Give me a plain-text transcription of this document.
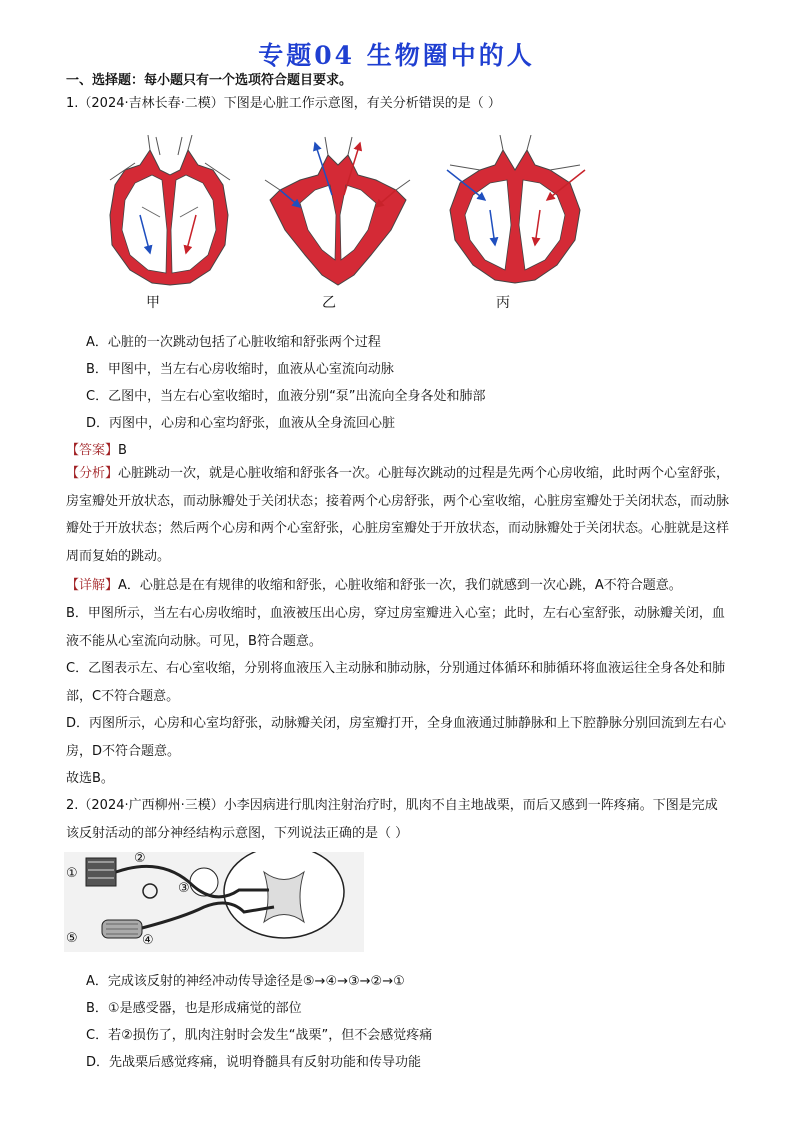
专题04 生物圈中的人
一、选择题：每小题只有一个选项符合题目要求。
1.（2024·吉林长春·二模）下图是心脏工作示意图，有关分析错误的是（ ）
甲	乙	丙
A．心脏的一次跳动包括了心脏收缩和舒张两个过程
B．甲图中，当左右心房收缩时，血液从心室流向动脉
C．乙图中，当左右心室收缩时，血液分别“泵”出流向全身各处和肺部
D．丙图中，心房和心室均舒张，血液从全身流回心脏
【答案】B
【分析】心脏跳动一次，就是心脏收缩和舒张各一次。心脏每次跳动的过程是先两个心房收缩，此时两个心室舒张，房室瓣处开放状态，而动脉瓣处于关闭状态；接着两个心房舒张，两个心室收缩，心脏房室瓣处于关闭状态，而动脉瓣处于开放状态；然后两个心房和两个心室舒张，心脏房室瓣处于开放状态，而动脉瓣处于关闭状态。心脏就是这样周而复始的跳动。
【详解】A．心脏总是在有规律的收缩和舒张，心脏收缩和舒张一次，我们就感到一次心跳，A不符合题意。
B．甲图所示，当左右心房收缩时，血液被压出心房，穿过房室瓣进入心室；此时，左右心室舒张，动脉瓣关闭，血液不能从心室流向动脉。可见，B符合题意。
C．乙图表示左、右心室收缩，分别将血液压入主动脉和肺动脉，分别通过体循环和肺循环将血液运往全身各处和肺部，C不符合题意。
D．丙图所示，心房和心室均舒张，动脉瓣关闭，房室瓣打开，全身血液通过肺静脉和上下腔静脉分别回流到左右心房，D不符合题意。
故选B。
2.（2024·广西柳州·三模）小李因病进行肌肉注射治疗时，肌肉不自主地战栗，而后又感到一阵疼痛。下图是完成该反射活动的部分神经结构示意图，下列说法正确的是（ ）
①
②
③
④
⑤
A．完成该反射的神经冲动传导途径是⑤→④→③→②→①
B．①是感受器，也是形成痛觉的部位
C．若②损伤了，肌肉注射时会发生“战栗”，但不会感觉疼痛
D．先战栗后感觉疼痛，说明脊髓具有反射功能和传导功能
